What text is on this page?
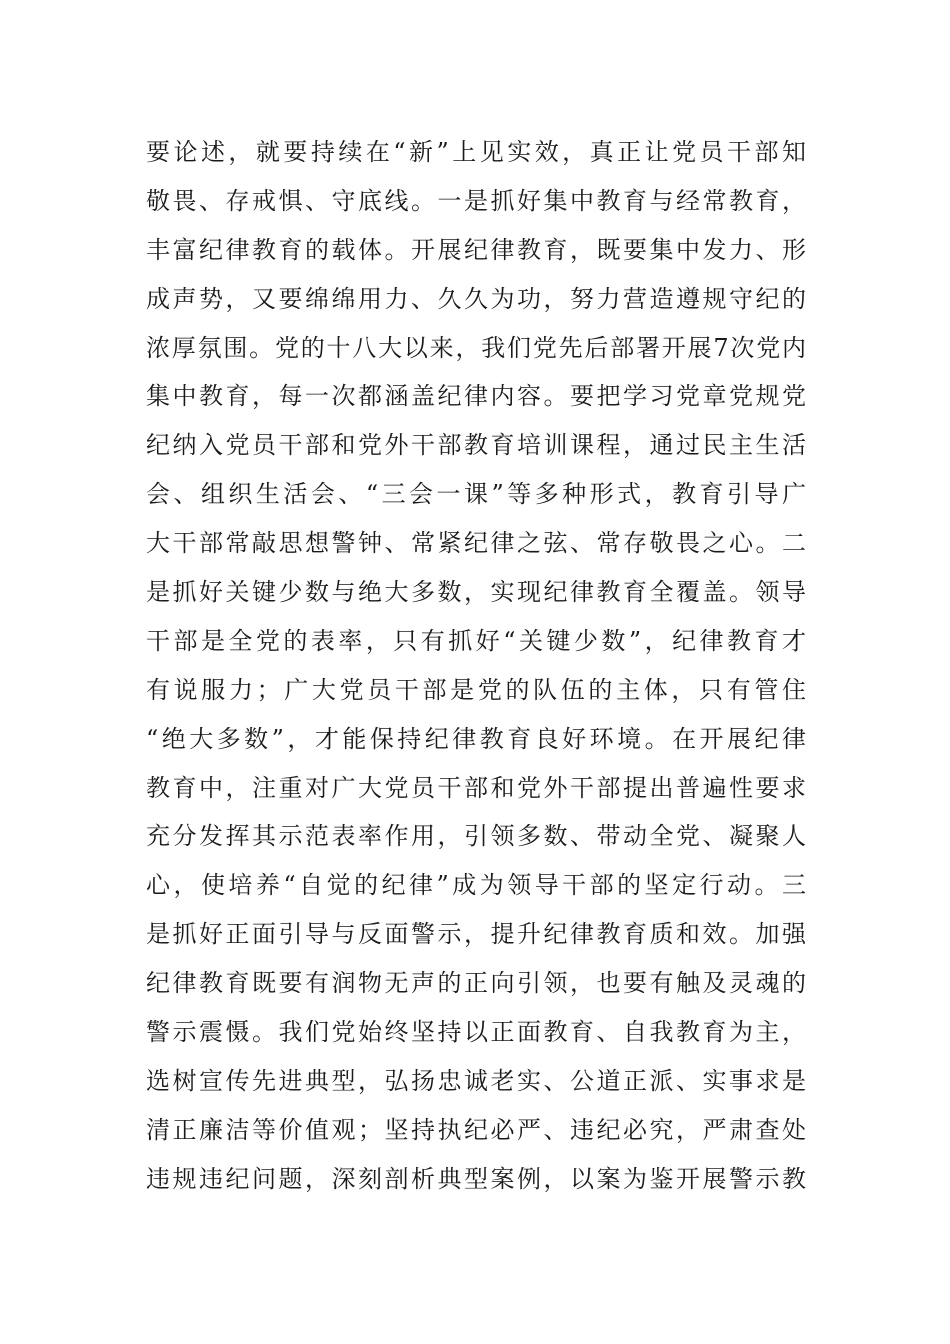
要论述，就要持续在“新”上见实效，真正让党员干部知
敬畏、存戒惧、守底线。一是抓好集中教育与经常教育，
丰富纪律教育的载体。开展纪律教育，既要集中发力、形
成声势，又要绵绵用力、久久为功，努力营造遵规守纪的
浓厚氛围。党的十八大以来，我们党先后部署开展7次党内
集中教育，每一次都涵盖纪律内容。要把学习党章党规党
纪纳入党员干部和党外干部教育培训课程，通过民主生活
会、组织生活会、“三会一课”等多种形式，教育引导广
大干部常敲思想警钟、常紧纪律之弦、常存敬畏之心。二
是抓好关键少数与绝大多数，实现纪律教育全覆盖。领导
干部是全党的表率，只有抓好“关键少数”，纪律教育才
有说服力；广大党员干部是党的队伍的主体，只有管住
“绝大多数”，才能保持纪律教育良好环境。在开展纪律
教育中，注重对广大党员干部和党外干部提出普遍性要求
充分发挥其示范表率作用，引领多数、带动全党、凝聚人
心，使培养“自觉的纪律”成为领导干部的坚定行动。三
是抓好正面引导与反面警示，提升纪律教育质和效。加强
纪律教育既要有润物无声的正向引领，也要有触及灵魂的
警示震慑。我们党始终坚持以正面教育、自我教育为主，
选树宣传先进典型，弘扬忠诚老实、公道正派、实事求是
清正廉洁等价值观；坚持执纪必严、违纪必究，严肃查处
违规违纪问题，深刻剖析典型案例，以案为鉴开展警示教
